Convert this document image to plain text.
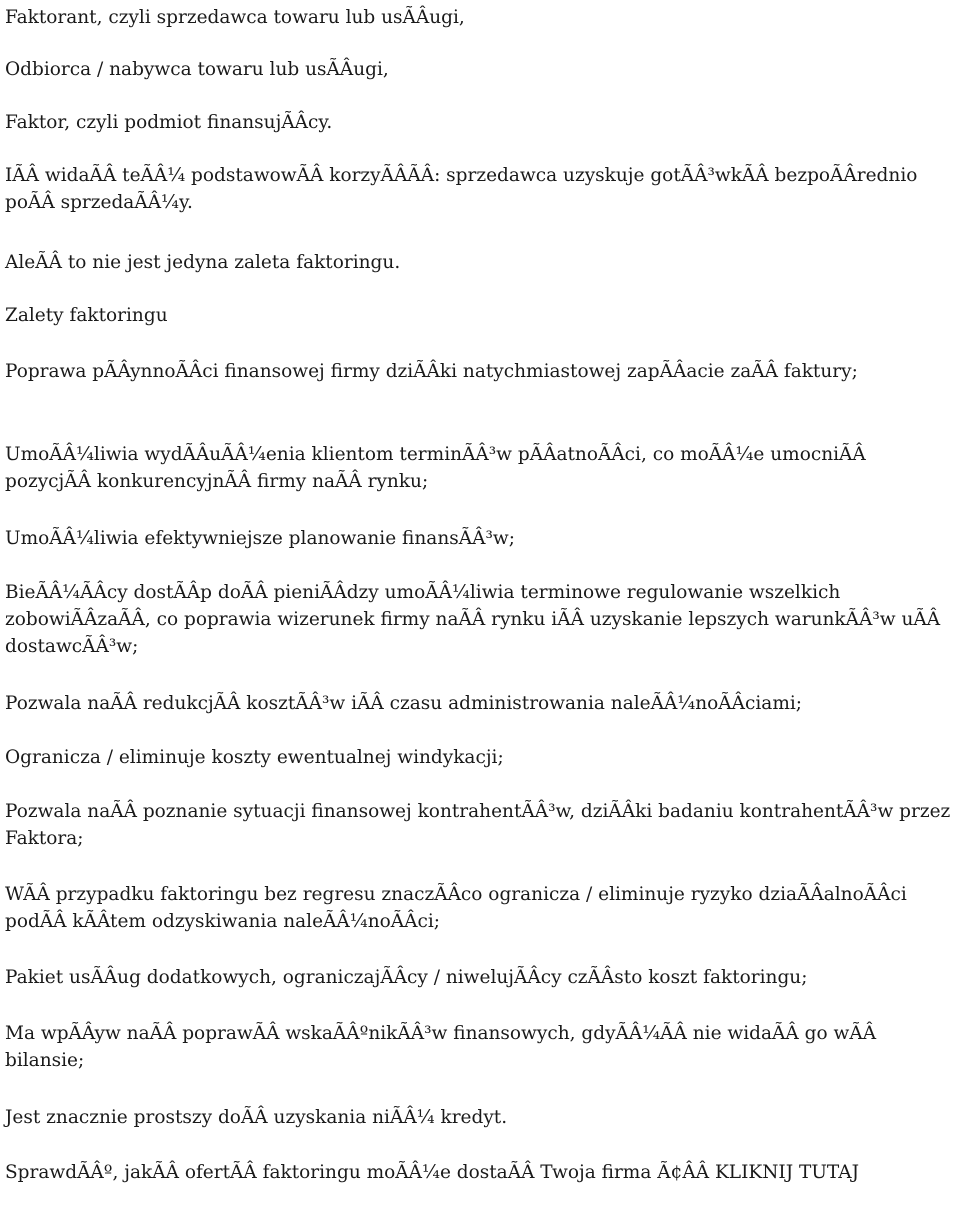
Faktorant, czyli sprzedawca towaru lub usÃÂugi,
Odbiorca / nabywca towaru lub usÃÂugi,
Faktor, czyli podmiot finansujÃÂcy.
IÃÂ widaÃÂ teÃÂ¼ podstawowÃÂ korzyÃÂÃÂ: sprzedawca uzyskuje gotÃÂ³wkÃÂ bezpoÃÂrednio poÃÂ sprzedaÃÂ¼y.
AleÃÂ to nie jest jedyna zaleta faktoringu.
Zalety faktoringu
Poprawa pÃÂynnoÃÂci finansowej firmy dziÃÂki natychmiastowej zapÃÂacie zaÃÂ faktury;
UmoÃÂ¼liwia wydÃÂuÃÂ¼enia klientom terminÃÂ³w pÃÂatnoÃÂci, co moÃÂ¼e umocniÃÂ pozycjÃÂ konkurencyjnÃÂ firmy naÃÂ rynku;
UmoÃÂ¼liwia efektywniejsze planowanie finansÃÂ³w;
BieÃÂ¼ÃÂcy dostÃÂp doÃÂ pieniÃÂdzy umoÃÂ¼liwia terminowe regulowanie wszelkich zobowiÃÂzaÃÂ, co poprawia wizerunek firmy naÃÂ rynku iÃÂ uzyskanie lepszych warunkÃÂ³w uÃÂ dostawcÃÂ³w;
Pozwala naÃÂ redukcjÃÂ kosztÃÂ³w iÃÂ czasu administrowania naleÃÂ¼noÃÂciami;
Ogranicza / eliminuje koszty ewentualnej windykacji;
Pozwala naÃÂ poznanie sytuacji finansowej kontrahentÃÂ³w, dziÃÂki badaniu kontrahentÃÂ³w przez Faktora;
WÃÂ przypadku faktoringu bez regresu znaczÃÂco ogranicza / eliminuje ryzyko dziaÃÂalnoÃÂci podÃÂ kÃÂtem odzyskiwania naleÃÂ¼noÃÂci;
Pakiet usÃÂug dodatkowych, ograniczajÃÂcy / niwelujÃÂcy czÃÂsto koszt faktoringu;
Ma wpÃÂyw naÃÂ poprawÃÂ wskaÃÂºnikÃÂ³w finansowych, gdyÃÂ¼ÃÂ nie widaÃÂ go wÃÂ bilansie;
Jest znacznie prostszy doÃÂ uzyskania niÃÂ¼ kredyt.
SprawdÃÂº, jakÃÂ ofertÃÂ faktoringu moÃÂ¼e dostaÃÂ Twoja firma Ã¢ÂÂ KLIKNIJ TUTAJ
